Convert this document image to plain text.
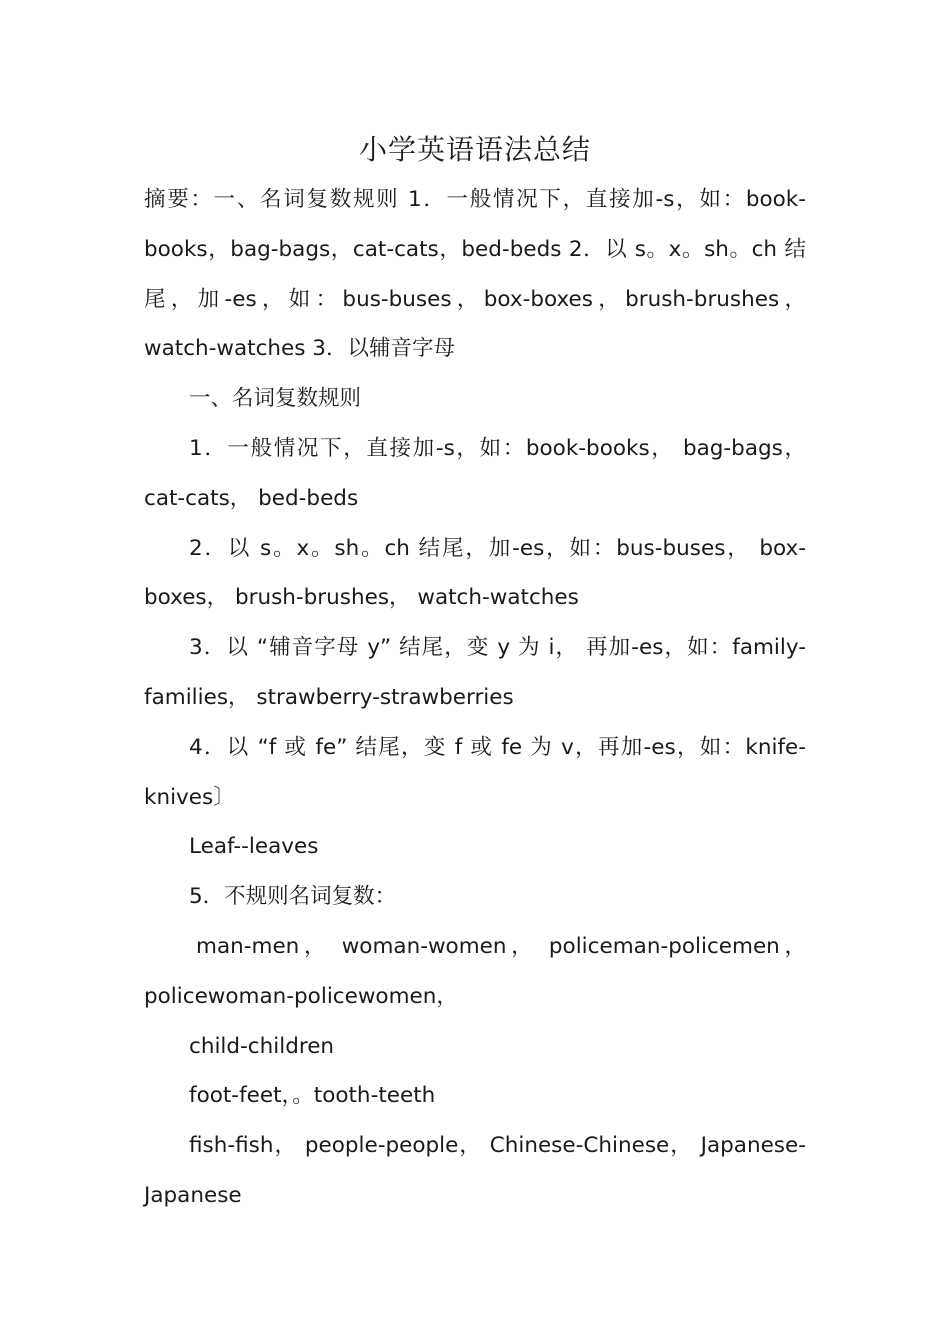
小学英语语法总结

摘要：一、名词复数规则 1．一般情况下，直接加-s，如：book-books，bag-bags，cat-cats，bed-beds 2．以 s。x。sh。ch 结尾，加-es，如：bus-buses，box-boxes，brush-brushes，watch-watches 3．以辅音字母

一、名词复数规则

1．一般情况下，直接加-s，如：book-books， bag-bags， cat-cats， bed-beds

2．以 s。x。sh。ch 结尾，加-es，如：bus-buses， box-boxes， brush-brushes， watch-watches

3．以 “辅音字母 y” 结尾，变 y 为 i， 再加-es，如：family-families， strawberry-strawberries

4．以 “f 或 fe” 结尾，变 f 或 fe 为 v，再加-es，如：knife-knives〕

Leaf--leaves

5．不规则名词复数：

man-men， woman-women， policeman-policemen， policewoman-policewomen，

child-children

foot-feet，。tooth-teeth

fish-fish， people-people， Chinese-Chinese， Japanese-Japanese
